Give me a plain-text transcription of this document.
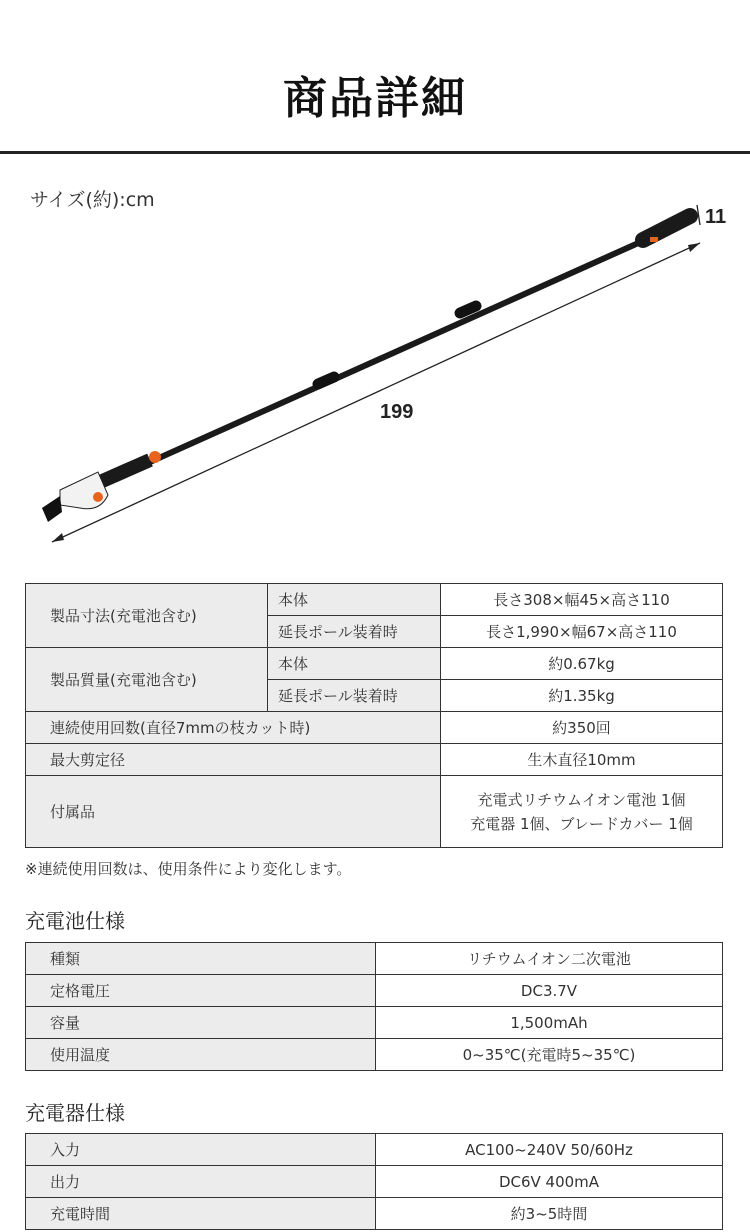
商品詳細
サイズ(約):cm
199
11
製品寸法(充電池含む)	本体	長さ308×幅45×高さ110
	延長ポール装着時	長さ1,990×幅67×高さ110
製品質量(充電池含む)	本体	約0.67kg
	延長ポール装着時	約1.35kg
連続使用回数(直径7mmの枝カット時)		約350回
最大剪定径		生木直径10mm
付属品		充電式リチウムイオン電池 1個
充電器 1個、ブレードカバー 1個
※連続使用回数は、使用条件により変化します。
充電池仕様
種類	リチウムイオン二次電池
定格電圧	DC3.7V
容量	1,500mAh
使用温度	0~35℃(充電時5~35℃)
充電器仕様
入力	AC100~240V 50/60Hz
出力	DC6V 400mA
充電時間	約3~5時間
